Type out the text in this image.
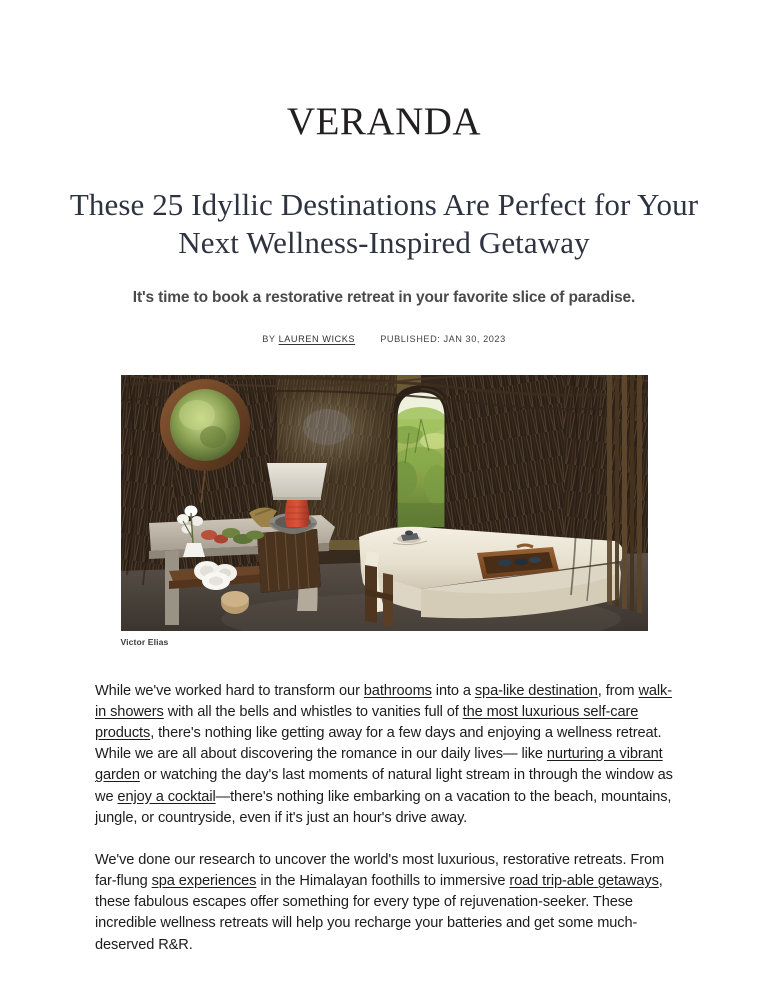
veranda
These 25 Idyllic Destinations Are Perfect for Your Next Wellness-Inspired Getaway

It's time to book a restorative retreat in your favorite slice of paradise.

BY LAUREN WICKS	PUBLISHED: JAN 30, 2023
Victor Elias

While we've worked hard to transform our bathrooms into a spa-like destination, from walk-in showers with all the bells and whistles to vanities full of the most luxurious self-care products, there's nothing like getting away for a few days and enjoying a wellness retreat. While we are all about discovering the romance in our daily lives— like nurturing a vibrant garden or watching the day's last moments of natural light stream in through the window as we enjoy a cocktail—there's nothing like embarking on a vacation to the beach, mountains, jungle, or countryside, even if it's just an hour's drive away.

We've done our research to uncover the world's most luxurious, restorative retreats. From far-flung spa experiences in the Himalayan foothills to immersive road trip-able getaways, these fabulous escapes offer something for every type of rejuvenation-seeker. These incredible wellness retreats will help you recharge your batteries and get some much-deserved R&R.
